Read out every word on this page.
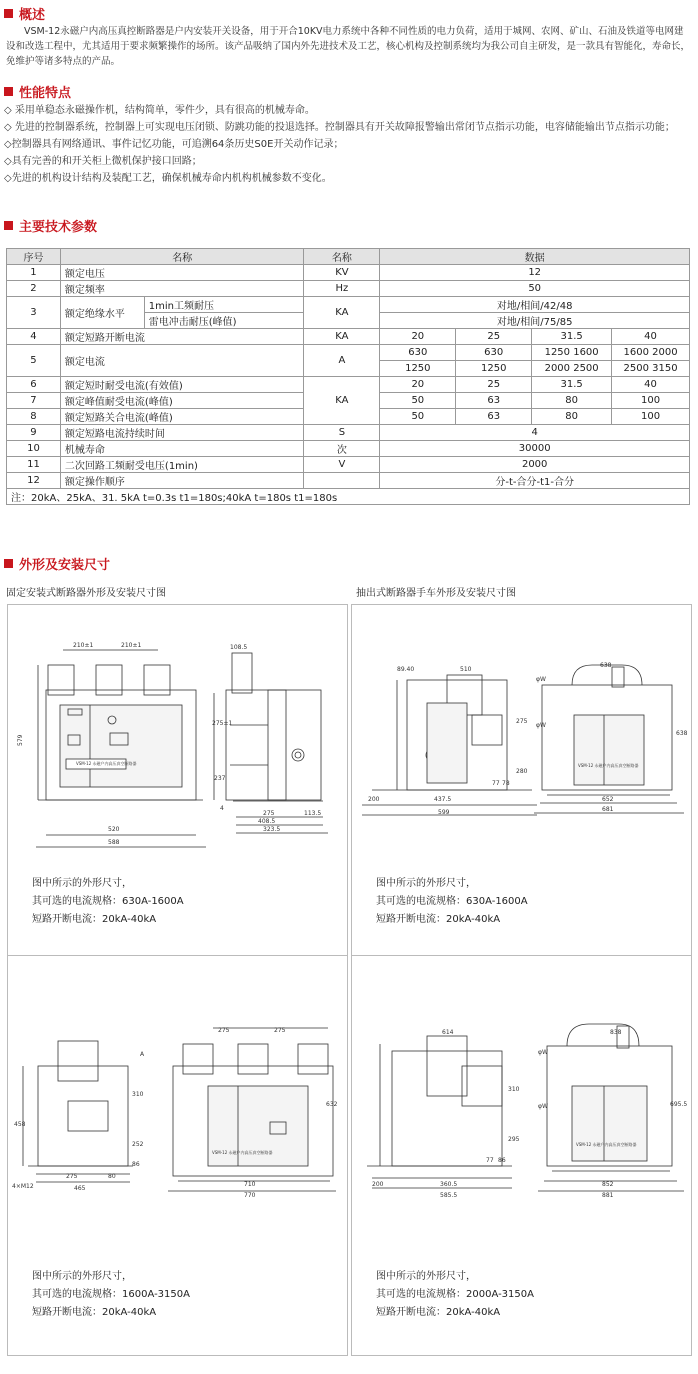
概述
VSM-12永磁户内高压真控断路器是户内安装开关设备，用于开合10KV电力系统中各种不同性质的电力负荷，适用于城网、农网、矿山、石油及铁道等电网建设和改选工程中，尤其适用于要求频繁操作的场所。该产品吸纳了国内外先进技术及工艺，核心机构及控制系统均为我公司自主研发，是一款具有智能化，寿命长，免维护等诸多特点的产品。
性能特点
◇ 采用单稳态永磁操作机，结构简单，零件少，具有很高的机械寿命。
◇ 先进的控制器系统，控制器上可实现电压闭锁、防跳功能的投退选择。控制器具有开关故障报警输出常闭节点指示功能，电容储能输出节点指示功能；
◇控制器具有网络通讯、事件记忆功能，可追溯64条历史S0E开关动作记录；
◇具有完善的和开关柜上微机保护接口回路；
◇先进的机构设计结构及装配工艺，确保机械寿命内机构机械参数不变化。
主要技术参数
序号	名称		名称	数据			
1	额定电压		KV	12			
2	额定频率		Hz	50			
3	额定绝缘水平	1min工频耐压	KA	对地/相间/42/48			
		雷电冲击耐压(峰值)		对地/相间/75/85			
4	额定短路开断电流		KA	20	25	31.5	40
5	额定电流		A	630	630	1250 1600	1600 2000
				1250	1250	2000 2500	2500 3150
6	额定短时耐受电流(有效值)		KA	20	25	31.5	40
7	额定峰值耐受电流(峰值)			50	63	80	100
8	额定短路关合电流(峰值)			50	63	80	100
9	额定短路电流持续时间		S	4			
10	机械寿命		次	30000			
11	二次回路工频耐受电压(1min)		V	2000			
12	额定操作顺序			分-t-合分-t1-合分			
注：20kA、25kA、31. 5kA t=0.3s t1=180s;40kA t=180s t1=180s							
外形及安装尺寸
固定安装式断路器外形及安装尺寸图	抽出式断路器手车外形及安装尺寸图
210±1	210±1
579
520
588
108.5
275±1
237
4
275	113.5
408.5
323.5
VSM-12 永磁户内高压真空断路器
图中所示的外形尺寸，
其可选的电流规格：630A-1600A
短路开断电流：20kA-40kA
89.40	510
φW
φW
275
280
77 78
200	437.5
599
638
638
652
681
VSM-12 永磁户内高压真空断路器
图中所示的外形尺寸，
其可选的电流规格：630A-1600A
短路开断电流：20kA-40kA
A
310
458
252
86
4×M12
275	80
465
275	275
632
710
770
VSM-12 永磁户内高压真空断路器
图中所示的外形尺寸，
其可选的电流规格：1600A-3150A
短路开断电流：20kA-40kA
614
310
295
77 86
200	360.5
585.5
838
φW
φW	695.5
852
881
VSM-12 永磁户内高压真空断路器
图中所示的外形尺寸，
其可选的电流规格：2000A-3150A
短路开断电流：20kA-40kA
